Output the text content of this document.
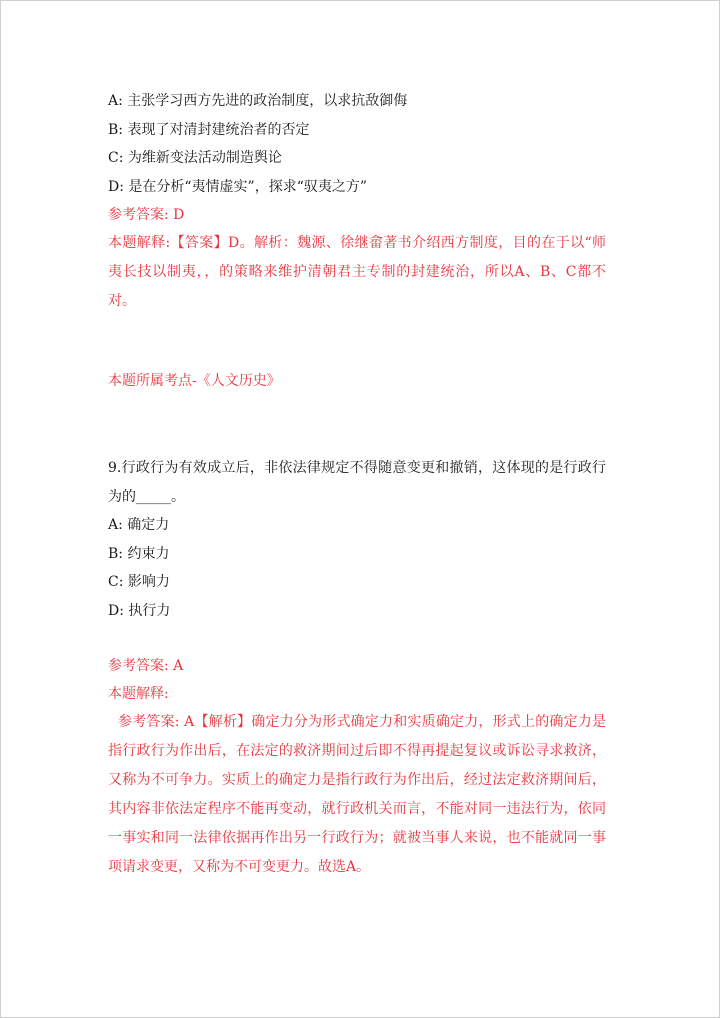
A: 主张学习西方先进的政治制度，以求抗敌御侮
B: 表现了对清封建统治者的否定
C: 为维新变法活动制造舆论
D: 是在分析“夷情虚实”，探求“驭夷之方”
参考答案: D
本题解释:【答案】D。解析：魏源、徐继畲著书介绍西方制度，目的在于以“师夷长技以制夷，，的策略来维护清朝君主专制的封建统治，所以A、B、C都不对。
本题所属考点-《人文历史》
9.行政行为有效成立后，非依法律规定不得随意变更和撤销，这体现的是行政行为的_____。
A: 确定力
B: 约束力
C: 影响力
D: 执行力
参考答案: A
本题解释:
参考答案: A【解析】确定力分为形式确定力和实质确定力，形式上的确定力是指行政行为作出后，在法定的救济期间过后即不得再提起复议或诉讼寻求救济，又称为不可争力。实质上的确定力是指行政行为作出后，经过法定救济期间后，其内容非依法定程序不能再变动，就行政机关而言，不能对同一违法行为，依同一事实和同一法律依据再作出另一行政行为；就被当事人来说，也不能就同一事项请求变更，又称为不可变更力。故选A。
